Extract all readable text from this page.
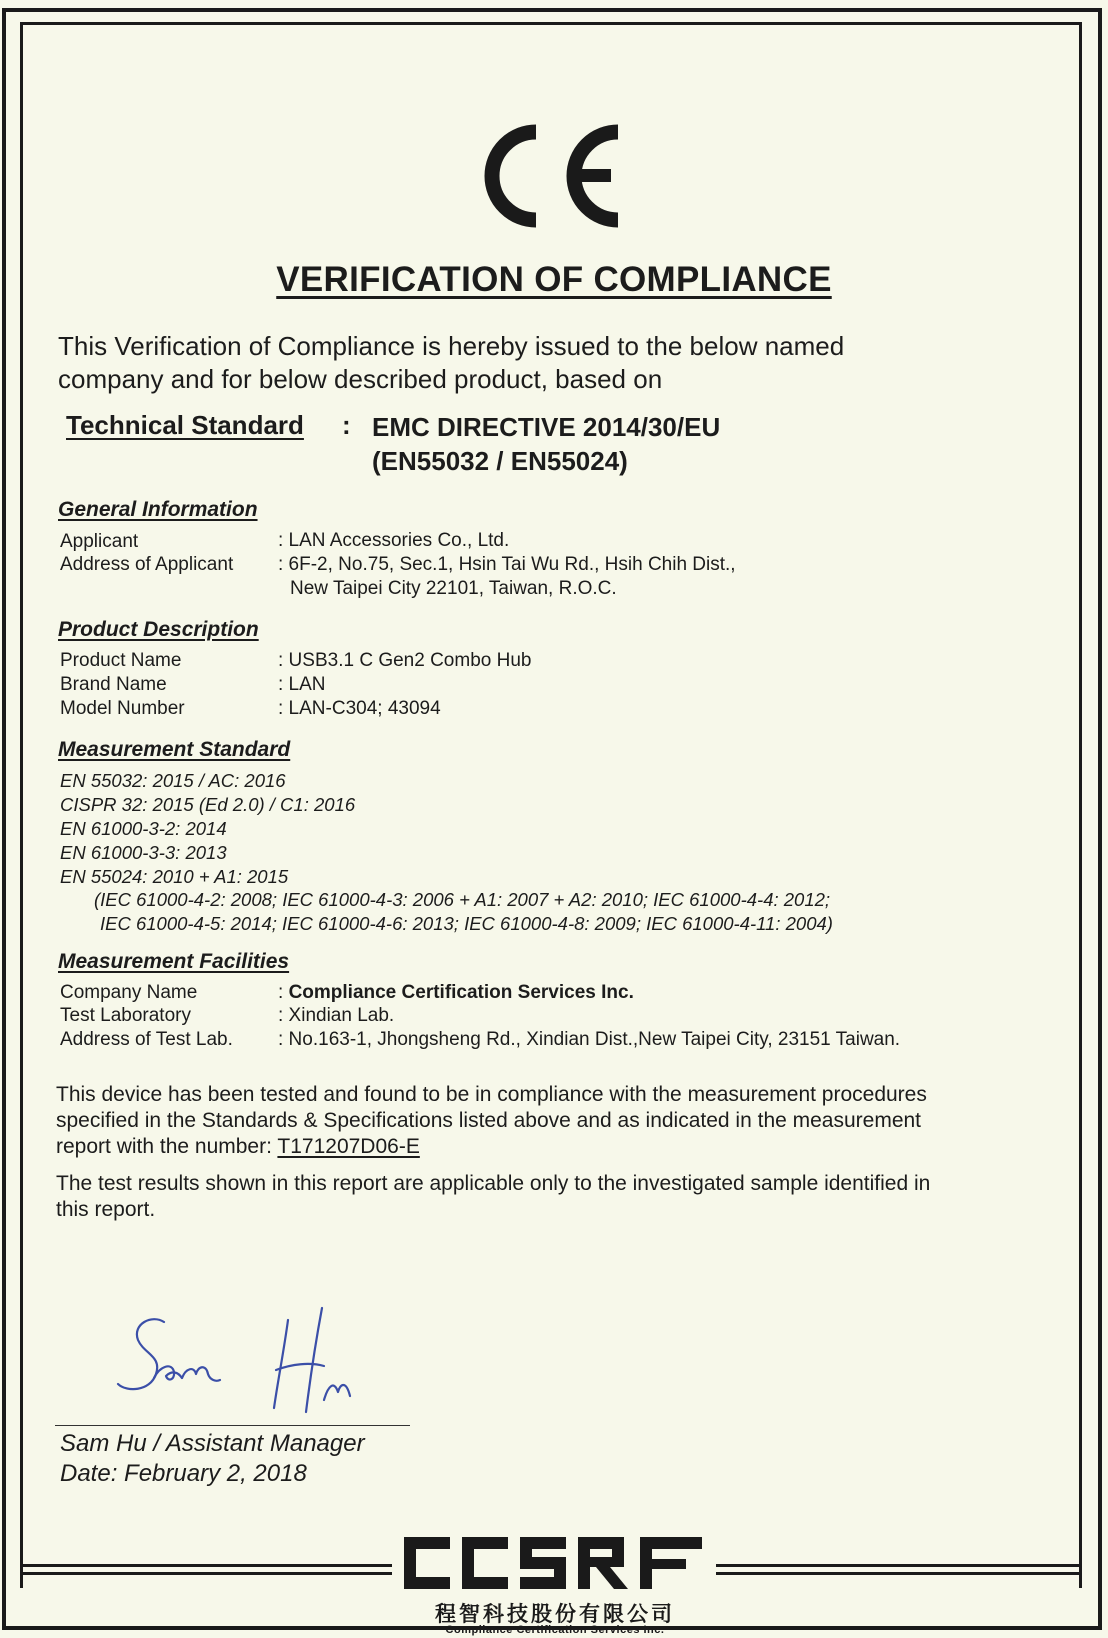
VERIFICATION OF COMPLIANCE
This Verification of Compliance is hereby issued to the below named
company and for below described product, based on
Technical Standard : EMC DIRECTIVE 2014/30/EU
(EN55032 / EN55024)
General Information
Applicant	: LAN Accessories Co., Ltd.
Address of Applicant : 6F-2, No.75, Sec.1, Hsin Tai Wu Rd., Hsih Chih Dist.,
New Taipei City 22101, Taiwan, R.O.C.
Product Description
Product Name	: USB3.1 C Gen2 Combo Hub
Brand Name	: LAN
Model Number	: LAN-C304; 43094
Measurement Standard
EN 55032: 2015 / AC: 2016
CISPR 32: 2015 (Ed 2.0) / C1: 2016
EN 61000-3-2: 2014
EN 61000-3-3: 2013
EN 55024: 2010 + A1: 2015
(IEC 61000-4-2: 2008; IEC 61000-4-3: 2006 + A1: 2007 + A2: 2010; IEC 61000-4-4: 2012;
IEC 61000-4-5: 2014; IEC 61000-4-6: 2013; IEC 61000-4-8: 2009; IEC 61000-4-11: 2004)
Measurement Facilities
Company Name	: Compliance Certification Services Inc.
Test Laboratory	: Xindian Lab.
Address of Test Lab. : No.163-1, Jhongsheng Rd., Xindian Dist.,New Taipei City, 23151 Taiwan.
This device has been tested and found to be in compliance with the measurement procedures
specified in the Standards & Specifications listed above and as indicated in the measurement
report with the number: T171207D06-E
The test results shown in this report are applicable only to the investigated sample identified in
this report.
Sam Hu / Assistant Manager
Date: February 2, 2018
程智科技股份有限公司
Compliance Certification Services Inc.
